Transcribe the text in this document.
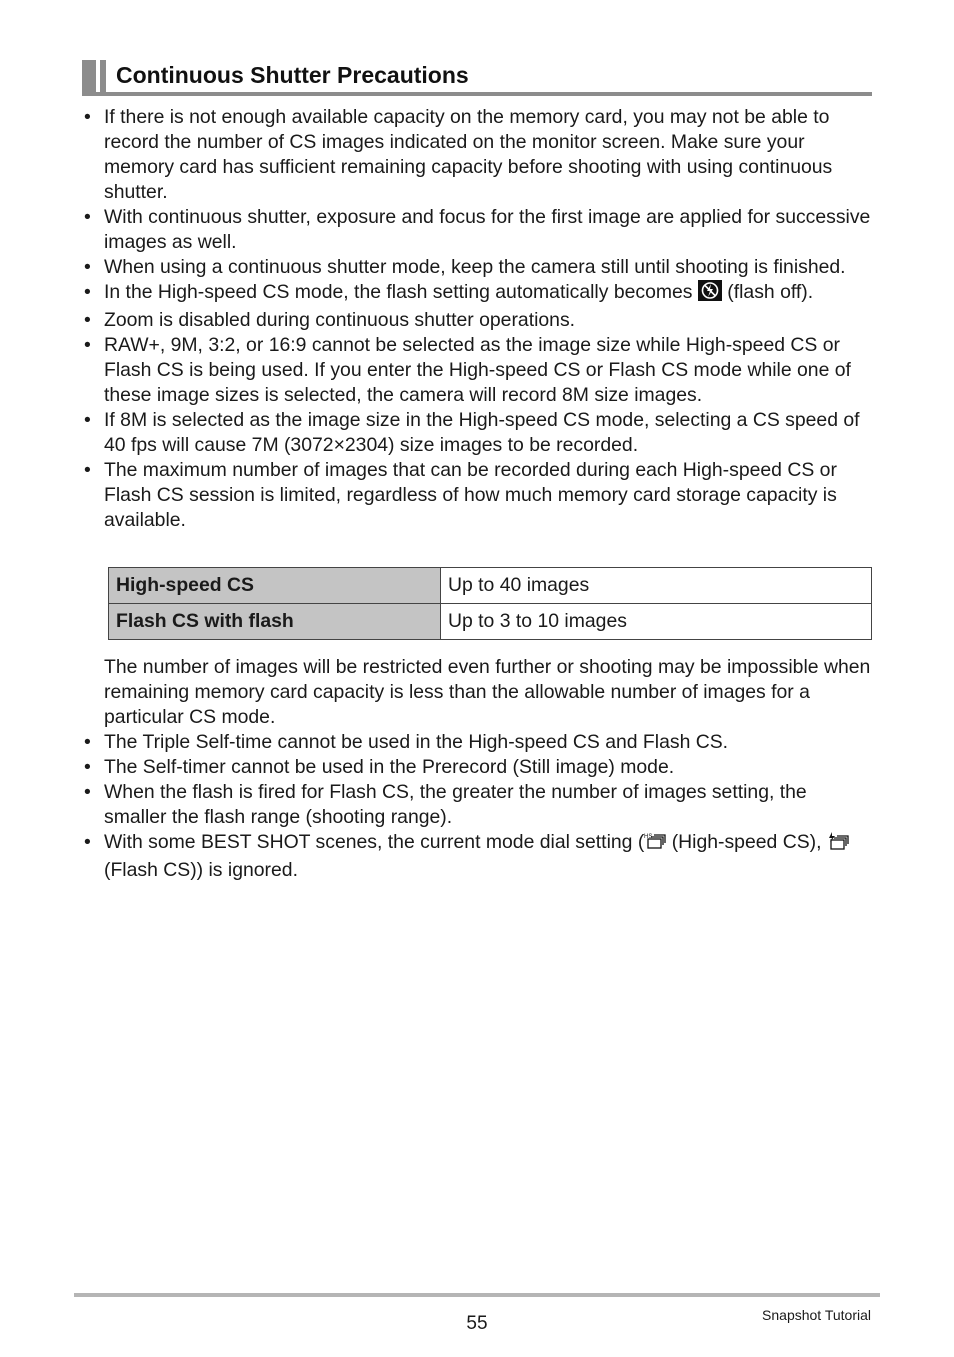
Continuous Shutter Precautions
• If there is not enough available capacity on the memory card, you may not be able to record the number of CS images indicated on the monitor screen. Make sure your memory card has sufficient remaining capacity before shooting with using continuous shutter.
• With continuous shutter, exposure and focus for the first image are applied for successive images as well.
• When using a continuous shutter mode, keep the camera still until shooting is finished.
• In the High-speed CS mode, the flash setting automatically becomes (flash off).
• Zoom is disabled during continuous shutter operations.
• RAW+, 9M, 3:2, or 16:9 cannot be selected as the image size while High-speed CS or Flash CS is being used. If you enter the High-speed CS or Flash CS mode while one of these image sizes is selected, the camera will record 8M size images.
• If 8M is selected as the image size in the High-speed CS mode, selecting a CS speed of 40 fps will cause 7M (3072×2304) size images to be recorded.
• The maximum number of images that can be recorded during each High-speed CS or Flash CS session is limited, regardless of how much memory card storage capacity is available.
High-speed CS	Up to 40 images
Flash CS with flash	Up to 3 to 10 images
The number of images will be restricted even further or shooting may be impossible when remaining memory card capacity is less than the allowable number of images for a particular CS mode.
• The Triple Self-time cannot be used in the High-speed CS and Flash CS.
• The Self-timer cannot be used in the Prerecord (Still image) mode.
• When the flash is fired for Flash CS, the greater the number of images setting, the smaller the flash range (shooting range).
• With some BEST SHOT scenes, the current mode dial setting ( HS (High-speed CS),  (Flash CS)) is ignored.
55	Snapshot Tutorial
